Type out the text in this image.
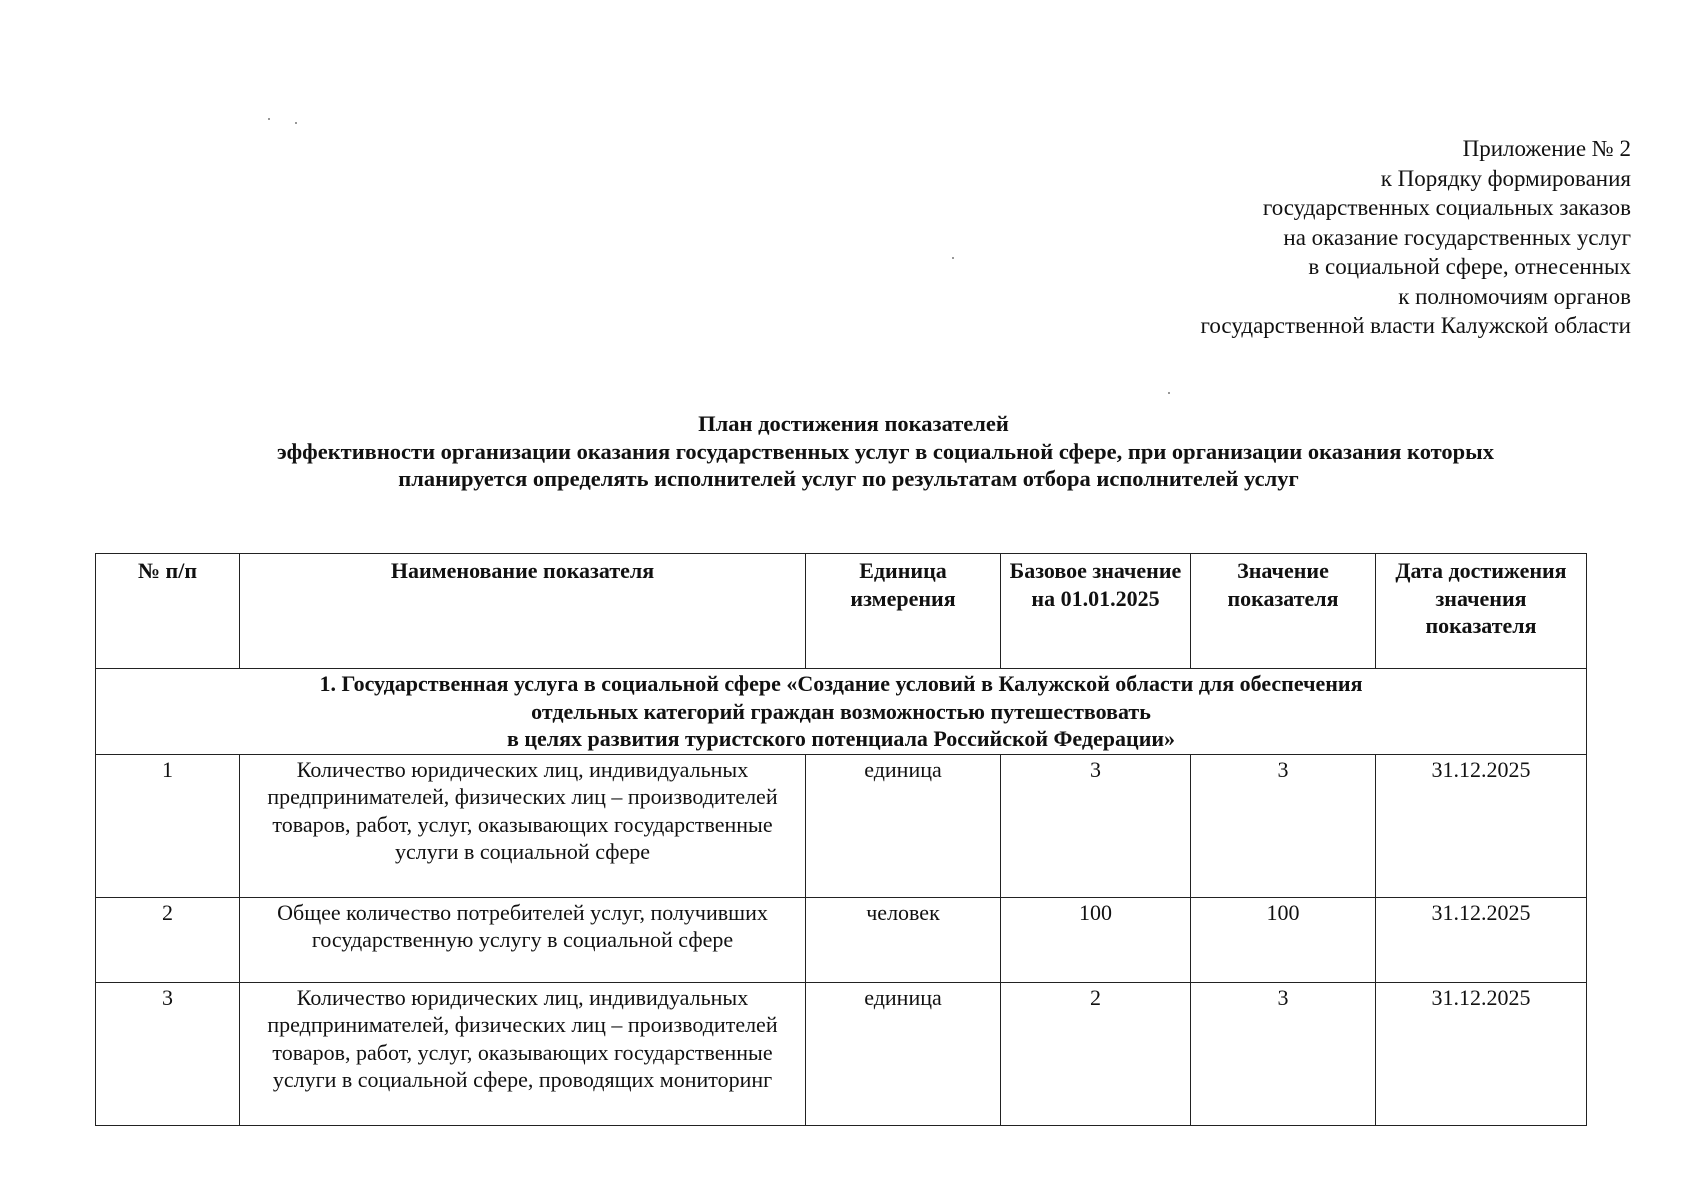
Приложение № 2
к Порядку формирования
государственных социальных заказов
на оказание государственных услуг
в социальной сфере, отнесенных
к полномочиям органов
государственной власти Калужской области
План достижения показателей
эффективности организации оказания государственных услуг в социальной сфере, при организации оказания которых
планируется определять исполнителей услуг по результатам отбора исполнителей услуг
№ п/п	Наименование показателя	Единица измерения	Базовое значение на 01.01.2025	Значение показателя	Дата достижения значения показателя

1. Государственная услуга в социальной сфере «Создание условий в Калужской области для обеспечения
отдельных категорий граждан возможностью путешествовать
в целях развития туристского потенциала Российской Федерации»					

1	Количество юридических лиц, индивидуальных предпринимателей, физических лиц – производителей товаров, работ, услуг, оказывающих государственные услуги в социальной сфере	единица	3	3	31.12.2025
2	Общее количество потребителей услуг, получивших государственную услугу в социальной сфере	человек	100	100	31.12.2025
3	Количество юридических лиц, индивидуальных предпринимателей, физических лиц – производителей товаров, работ, услуг, оказывающих государственные услуги в социальной сфере, проводящих мониторинг	единица	2	3	31.12.2025
